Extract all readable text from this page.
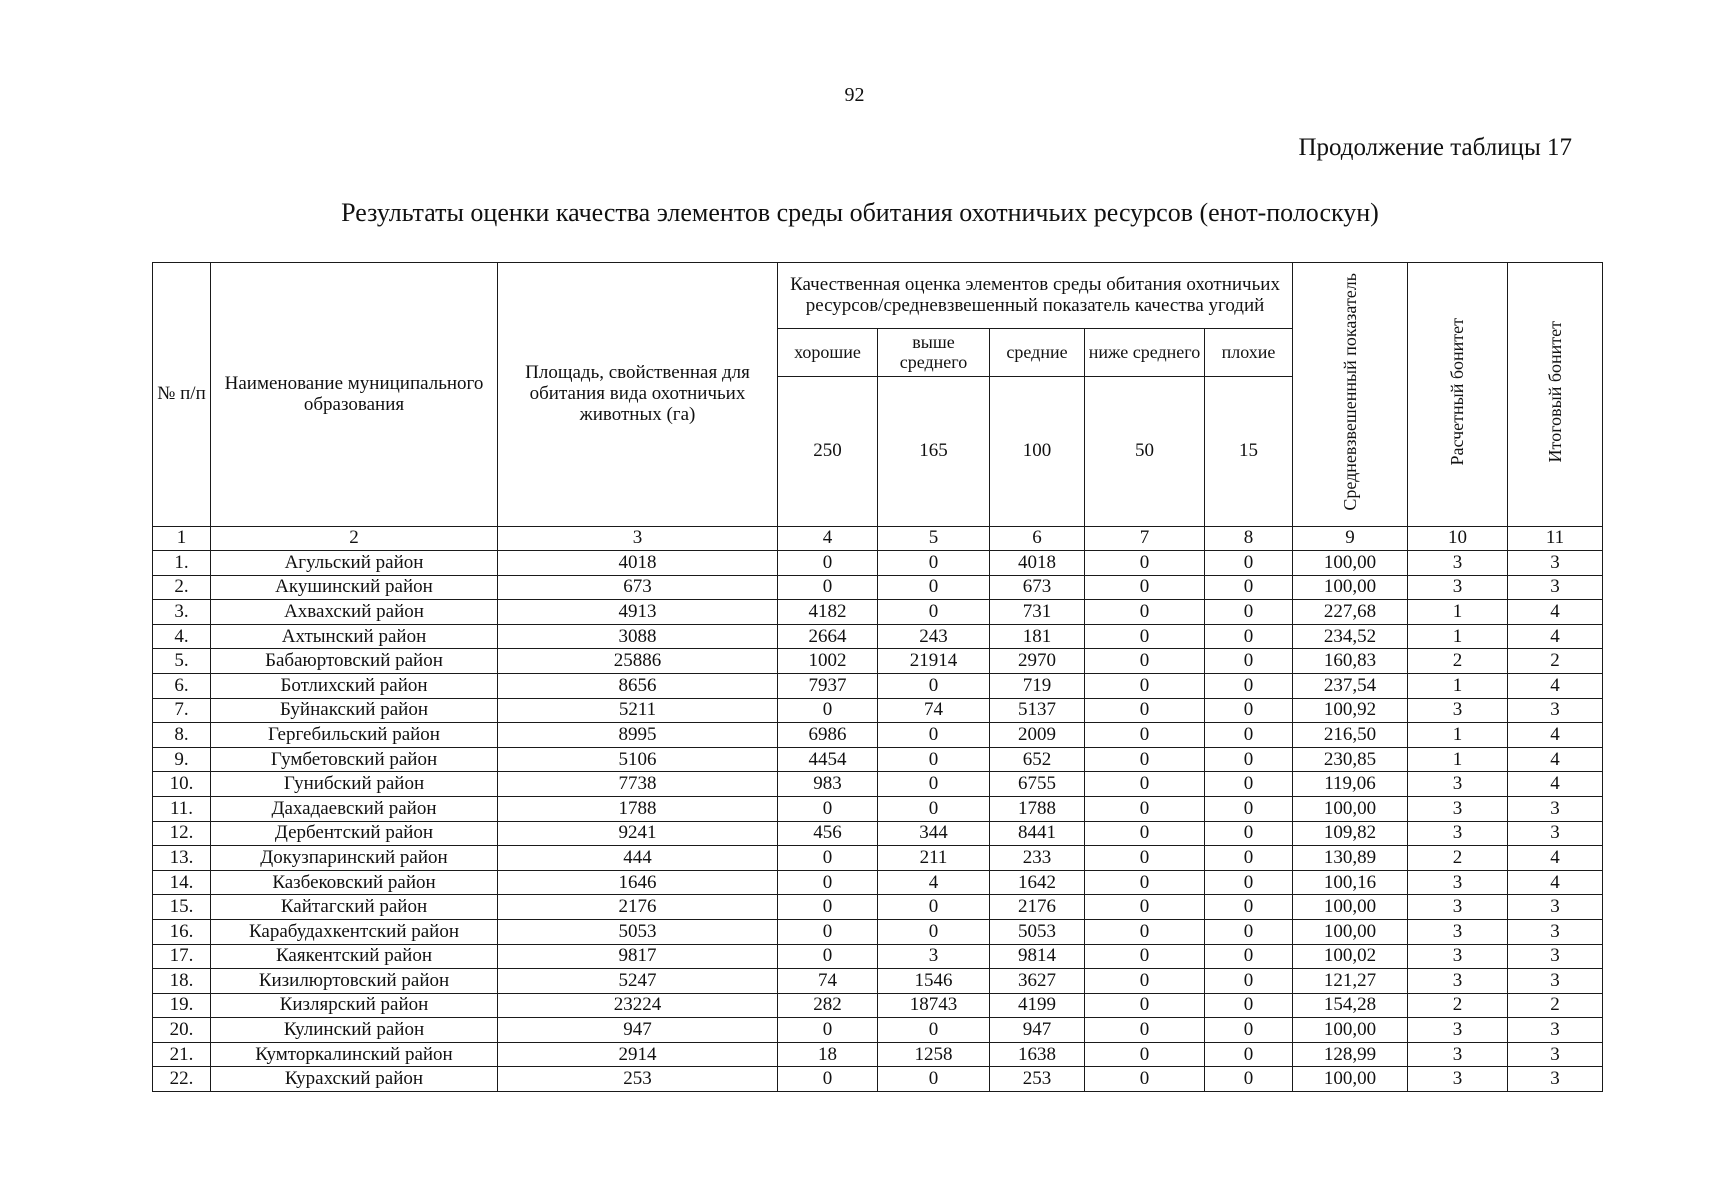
92
Продолжение таблицы 17
Результаты оценки качества элементов среды обитания охотничьих ресурсов (енот-полоскун)
№ п/п	Наименование муниципального образования	Площадь, свойственная для обитания вида охотничьих животных (га)	Качественная оценка элементов среды обитания охотничьих ресурсов/средневзвешенный показатель качества угодий					Средневзвешенный показатель	Расчетный бонитет	Итоговый бонитет
			хорошие	выше среднего	средние	ниже среднего	плохие			
			250	165	100	50	15			
1	2	3	4	5	6	7	8	9	10	11
1.	Агульский район	4018	0	0	4018	0	0	100,00	3	3
2.	Акушинский район	673	0	0	673	0	0	100,00	3	3
3.	Ахвахский район	4913	4182	0	731	0	0	227,68	1	4
4.	Ахтынский район	3088	2664	243	181	0	0	234,52	1	4
5.	Бабаюртовский район	25886	1002	21914	2970	0	0	160,83	2	2
6.	Ботлихский район	8656	7937	0	719	0	0	237,54	1	4
7.	Буйнакский район	5211	0	74	5137	0	0	100,92	3	3
8.	Гергебильский район	8995	6986	0	2009	0	0	216,50	1	4
9.	Гумбетовский район	5106	4454	0	652	0	0	230,85	1	4
10.	Гунибский район	7738	983	0	6755	0	0	119,06	3	4
11.	Дахадаевский район	1788	0	0	1788	0	0	100,00	3	3
12.	Дербентский район	9241	456	344	8441	0	0	109,82	3	3
13.	Докузпаринский район	444	0	211	233	0	0	130,89	2	4
14.	Казбековский район	1646	0	4	1642	0	0	100,16	3	4
15.	Кайтагский район	2176	0	0	2176	0	0	100,00	3	3
16.	Карабудахкентский район	5053	0	0	5053	0	0	100,00	3	3
17.	Каякентский район	9817	0	3	9814	0	0	100,02	3	3
18.	Кизилюртовский район	5247	74	1546	3627	0	0	121,27	3	3
19.	Кизлярский район	23224	282	18743	4199	0	0	154,28	2	2
20.	Кулинский район	947	0	0	947	0	0	100,00	3	3
21.	Кумторкалинский район	2914	18	1258	1638	0	0	128,99	3	3
22.	Курахский район	253	0	0	253	0	0	100,00	3	3
